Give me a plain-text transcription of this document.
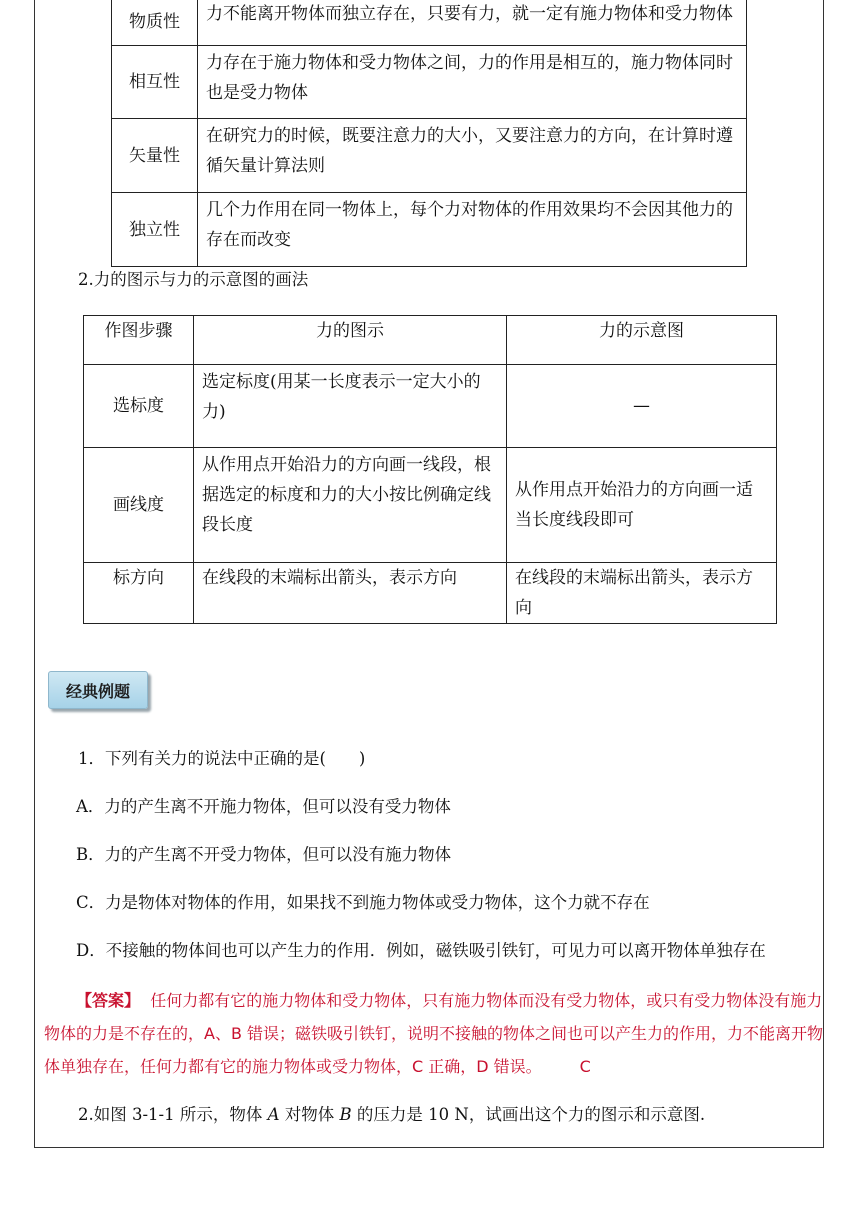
物质性	力不能离开物体而独立存在，只要有力，就一定有施力物体和受力物体
相互性	力存在于施力物体和受力物体之间，力的作用是相互的，施力物体同时也是受力物体
矢量性	在研究力的时候，既要注意力的大小，又要注意力的方向，在计算时遵循矢量计算法则
独立性	几个力作用在同一物体上，每个力对物体的作用效果均不会因其他力的存在而改变
2.力的图示与力的示意图的画法
作图步骤	力的图示	力的示意图
选标度	选定标度(用某一长度表示一定大小的力)	—
画线度	从作用点开始沿力的方向画一线段，根据选定的标度和力的大小按比例确定线段长度	从作用点开始沿力的方向画一适当长度线段即可
标方向	在线段的末端标出箭头，表示方向	在线段的末端标出箭头，表示方向
经典例题
1．下列有关力的说法中正确的是(　　)
A．力的产生离不开施力物体，但可以没有受力物体
B．力的产生离不开受力物体，但可以没有施力物体
C．力是物体对物体的作用，如果找不到施力物体或受力物体，这个力就不存在
D．不接触的物体间也可以产生力的作用．例如，磁铁吸引铁钉，可见力可以离开物体单独存在
【答案】 任何力都有它的施力物体和受力物体，只有施力物体而没有受力物体，或只有受力物体没有施力物体的力是不存在的，A、B 错误；磁铁吸引铁钉，说明不接触的物体之间也可以产生力的作用，力不能离开物体单独存在，任何力都有它的施力物体或受力物体，C 正确，D 错误。 C
2.如图 3-1-1 所示，物体 A 对物体 B 的压力是 10 N，试画出这个力的图示和示意图.
